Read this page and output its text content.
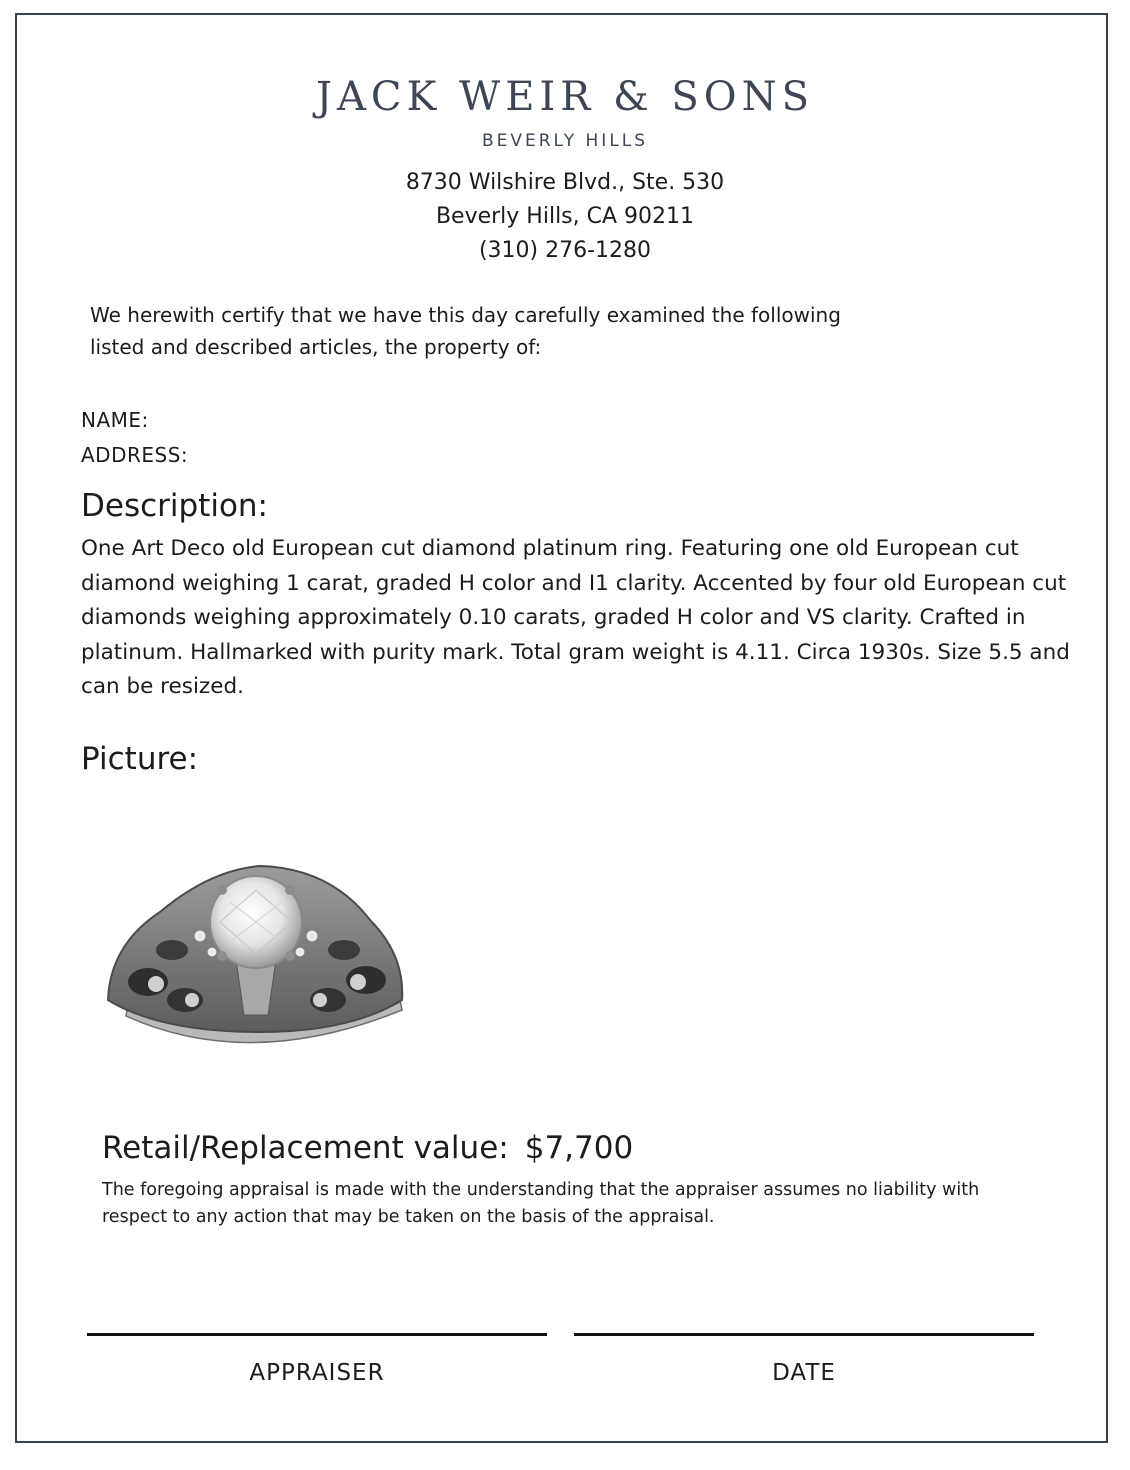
JACK WEIR & SONS
BEVERLY HILLS
8730 Wilshire Blvd., Ste. 530
Beverly Hills, CA 90211
(310) 276-1280
We herewith certify that we have this day carefully examined the following
listed and described articles, the property of:
NAME:
ADDRESS:
Description:
One Art Deco old European cut diamond platinum ring. Featuring one old European cut diamond weighing 1 carat, graded H color and I1 clarity. Accented by four old European cut diamonds weighing approximately 0.10 carats, graded H color and VS clarity. Crafted in platinum. Hallmarked with purity mark. Total gram weight is 4.11. Circa 1930s. Size 5.5 and can be resized.
Picture:
Retail/Replacement value: $7,700
The foregoing appraisal is made with the understanding that the appraiser assumes no liability with respect to any action that may be taken on the basis of the appraisal.
APPRAISER	DATE
